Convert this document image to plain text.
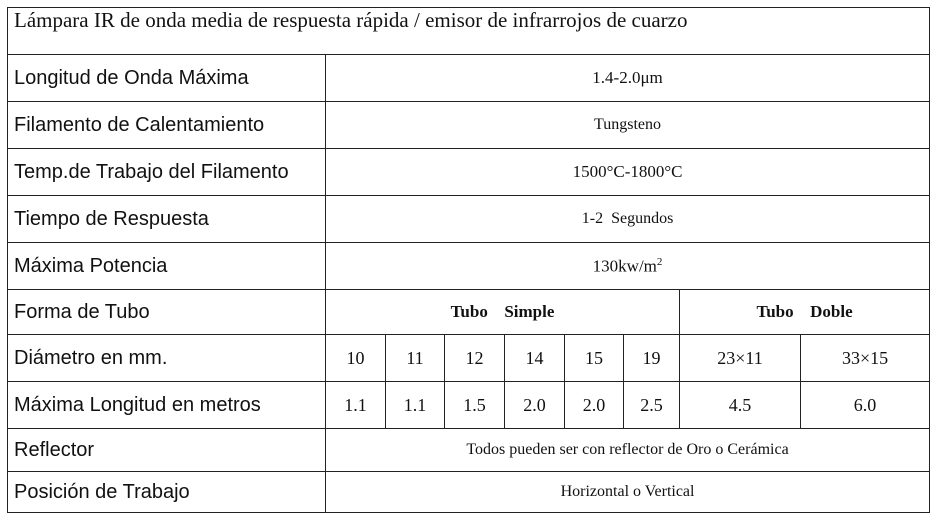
Lámpara IR de onda media de respuesta rápida / emisor de infrarrojos de cuarzo								
Longitud de Onda Máxima	1.4-2.0μm							
Filamento de Calentamiento	Tungsteno							
Temp.de Trabajo del Filamento	1500°C-1800°C							
Tiempo de Respuesta	1-2  Segundos							
Máxima Potencia	$130kw/m^2$
Forma de Tubo	Tubo  Simple						Tubo  Doble	
Diámetro en mm.	10	11	12	14	15	19	23×11	33×15
Máxima Longitud en metros	1.1	1.1	1.5	2.0	2.0	2.5	4.5	6.0
Reflector	Todos pueden ser con reflector de Oro o Cerámica							
Posición de Trabajo	Horizontal o Vertical							
